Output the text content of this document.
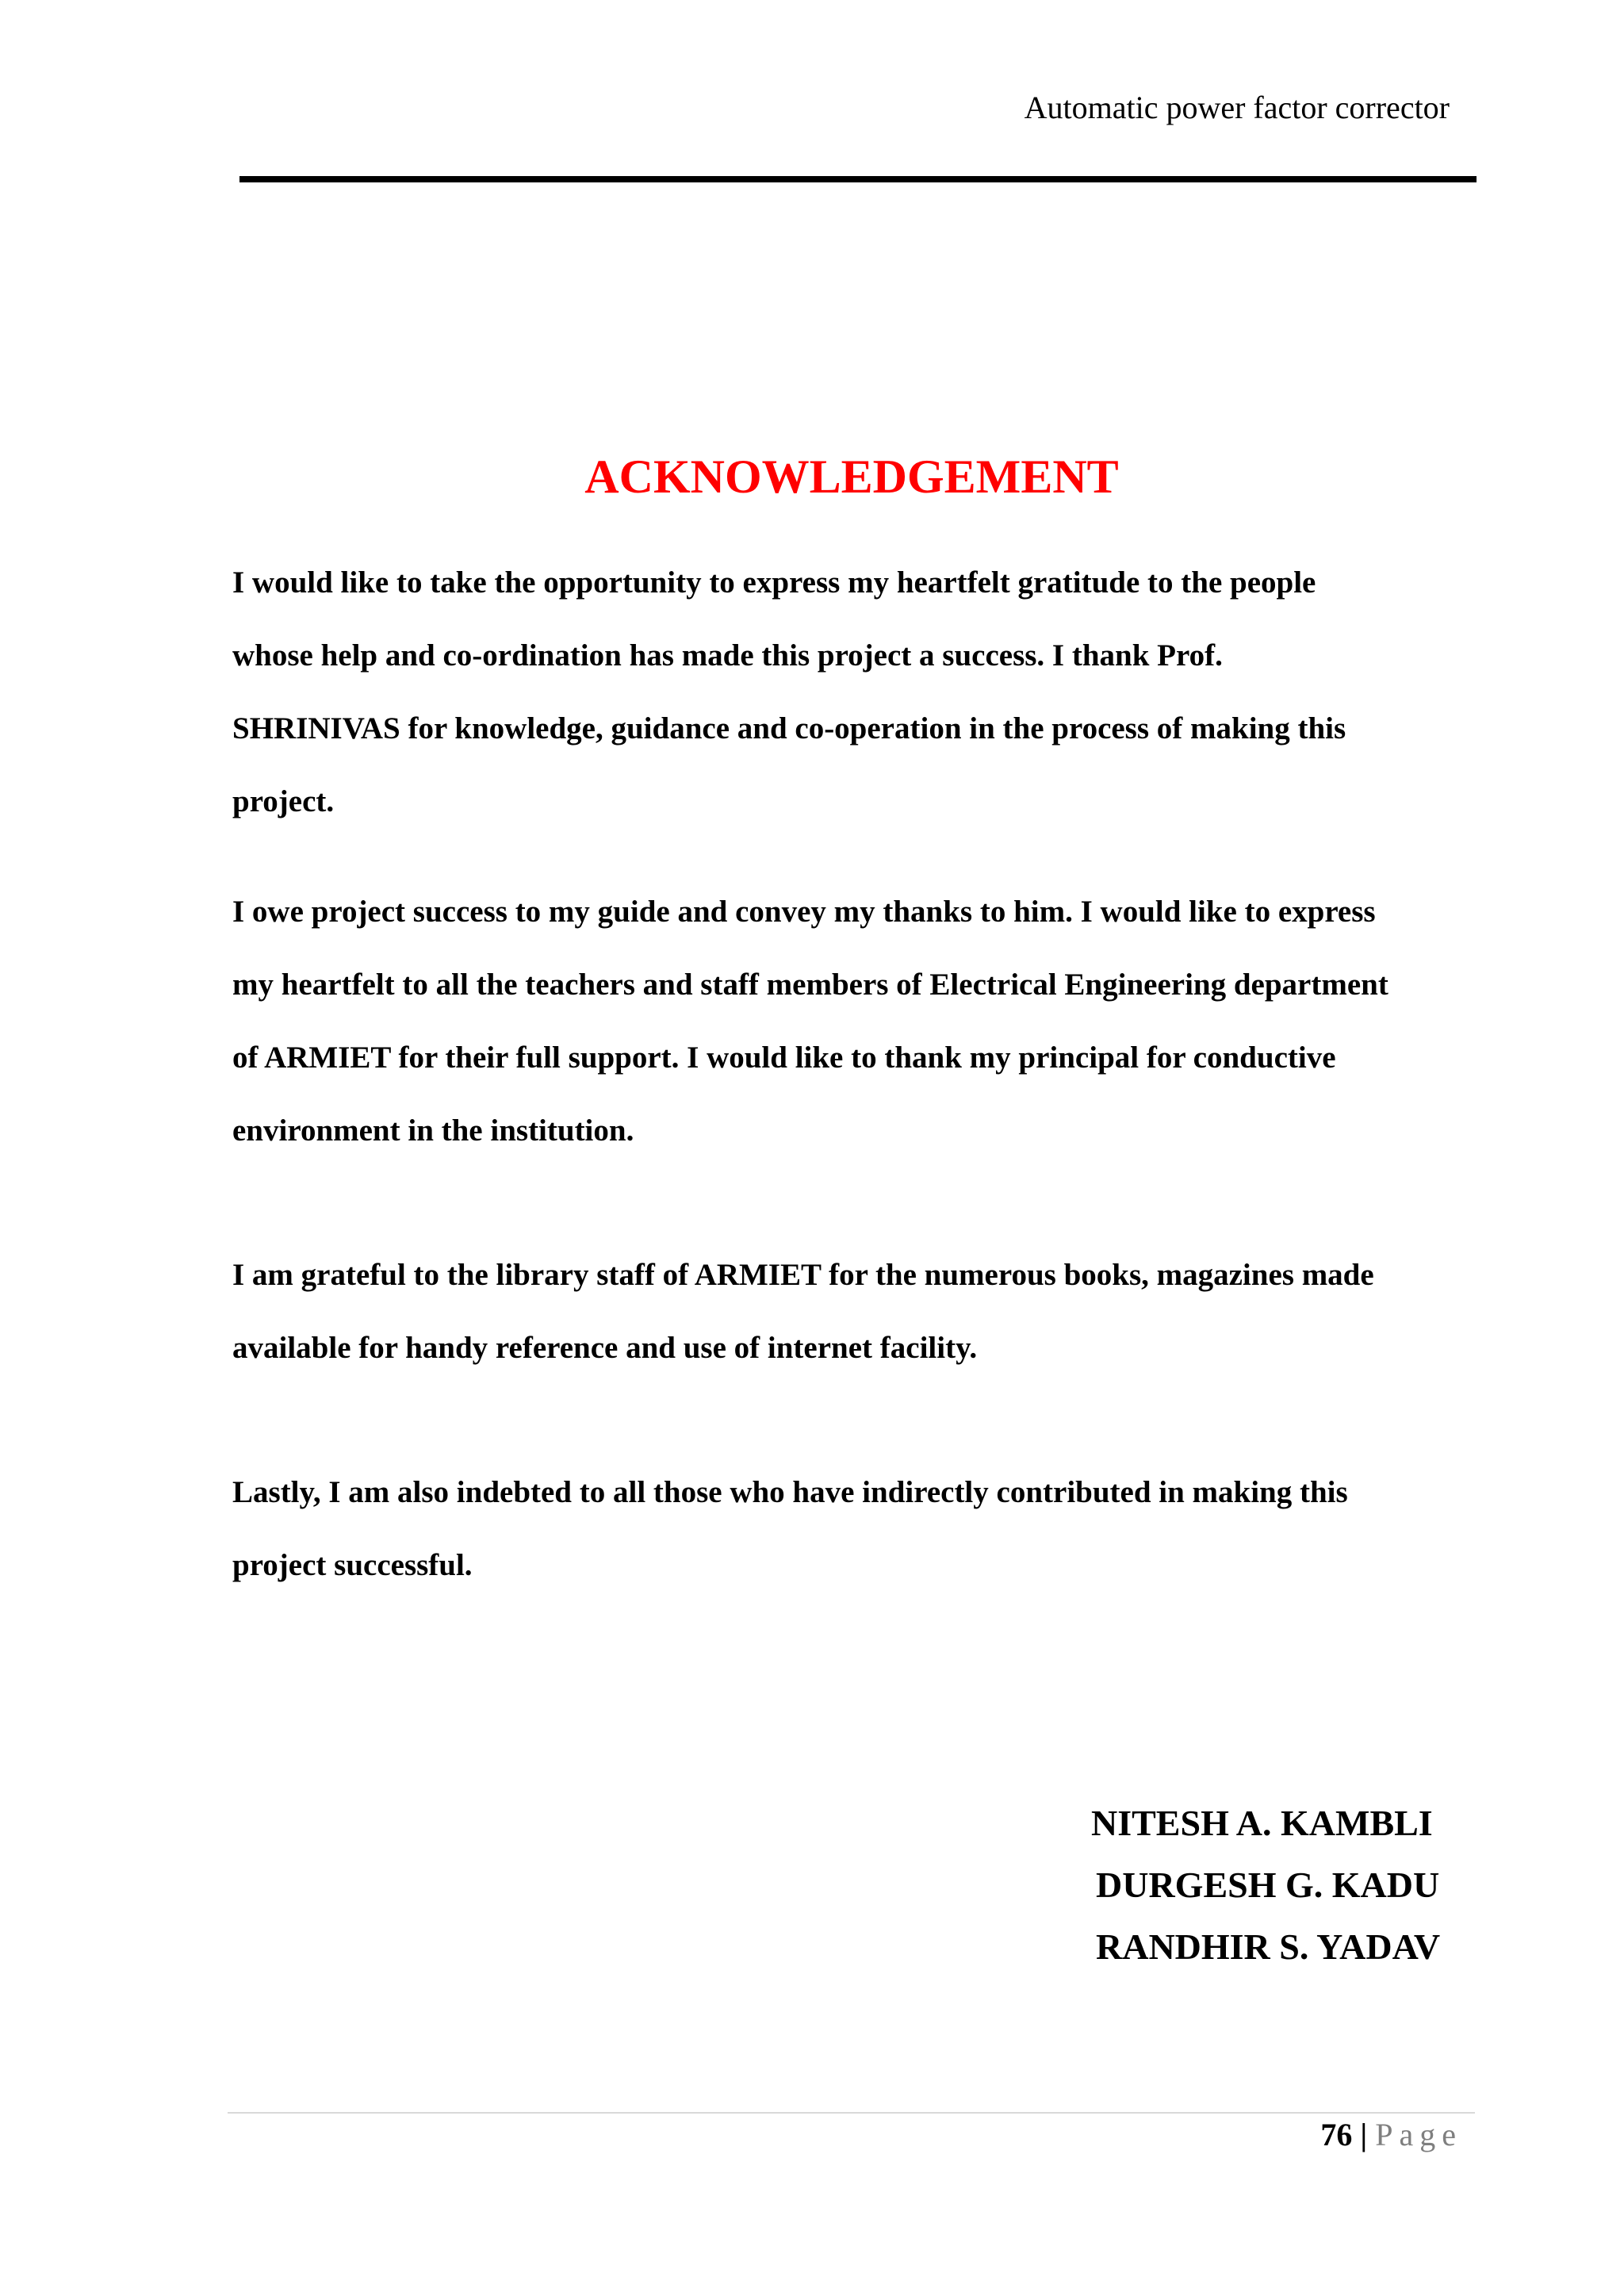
Automatic power factor corrector
ACKNOWLEDGEMENT
I would like to take the opportunity to express my heartfelt gratitude to the people
whose help and co-ordination has made this project a success. I thank Prof.
SHRINIVAS for knowledge, guidance and co-operation in the process of making this
project.
I owe project success to my guide and convey my thanks to him. I would like to express
my heartfelt to all the teachers and staff members of Electrical Engineering department
of ARMIET for their full support. I would like to thank my principal for conductive
environment in the institution.
I am grateful to the library staff of ARMIET for the numerous books, magazines made
available for handy reference and use of internet facility.
Lastly, I am also indebted to all those who have indirectly contributed in making this
project successful.
NITESH A. KAMBLI
DURGESH G. KADU
RANDHIR S. YADAV
76 | Page
